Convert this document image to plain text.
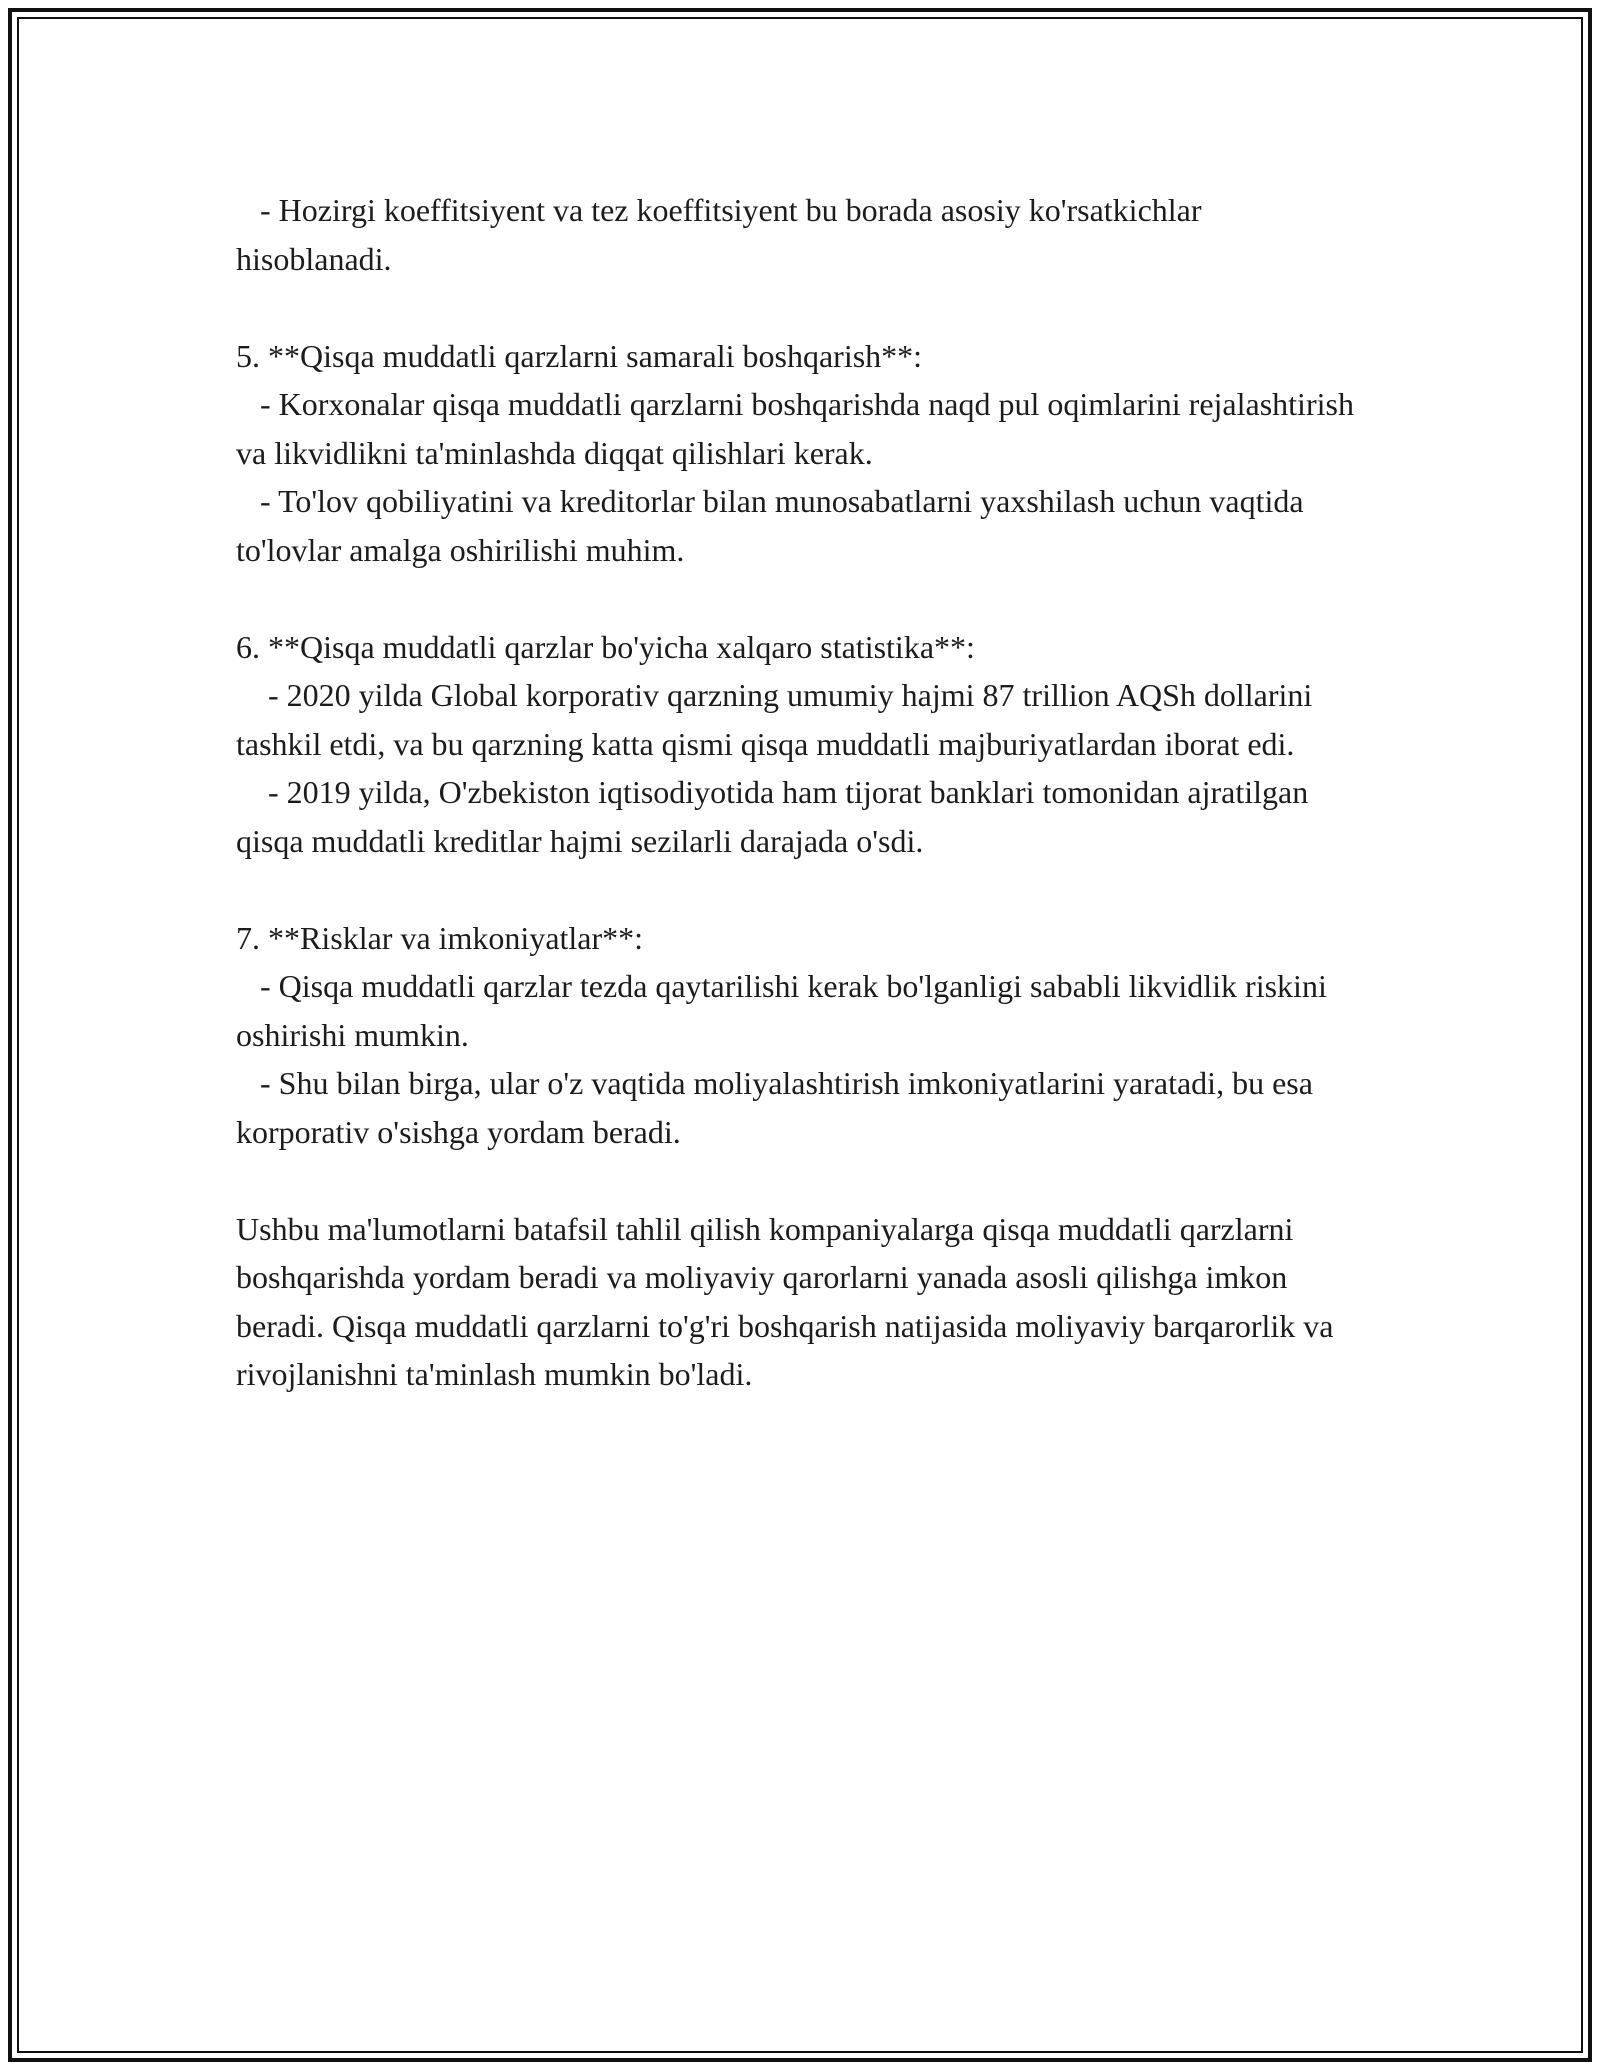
- Hozirgi koeffitsiyent va tez koeffitsiyent bu borada asosiy ko'rsatkichlar hisoblanadi.

5. **Qisqa muddatli qarzlarni samarali boshqarish**:

- Korxonalar qisqa muddatli qarzlarni boshqarishda naqd pul oqimlarini rejalashtirish va likvidlikni ta'minlashda diqqat qilishlari kerak.

- To'lov qobiliyatini va kreditorlar bilan munosabatlarni yaxshilash uchun vaqtida to'lovlar amalga oshirilishi muhim.

6. **Qisqa muddatli qarzlar bo'yicha xalqaro statistika**:

- 2020 yilda Global korporativ qarzning umumiy hajmi 87 trillion AQSh dollarini tashkil etdi, va bu qarzning katta qismi qisqa muddatli majburiyatlardan iborat edi.

- 2019 yilda, O'zbekiston iqtisodiyotida ham tijorat banklari tomonidan ajratilgan qisqa muddatli kreditlar hajmi sezilarli darajada o'sdi.

7. **Risklar va imkoniyatlar**:

- Qisqa muddatli qarzlar tezda qaytarilishi kerak bo'lganligi sababli likvidlik riskini oshirishi mumkin.

- Shu bilan birga, ular o'z vaqtida moliyalashtirish imkoniyatlarini yaratadi, bu esa korporativ o'sishga yordam beradi.

Ushbu ma'lumotlarni batafsil tahlil qilish kompaniyalarga qisqa muddatli qarzlarni boshqarishda yordam beradi va moliyaviy qarorlarni yanada asosli qilishga imkon beradi. Qisqa muddatli qarzlarni to'g'ri boshqarish natijasida moliyaviy barqarorlik va rivojlanishni ta'minlash mumkin bo'ladi.
